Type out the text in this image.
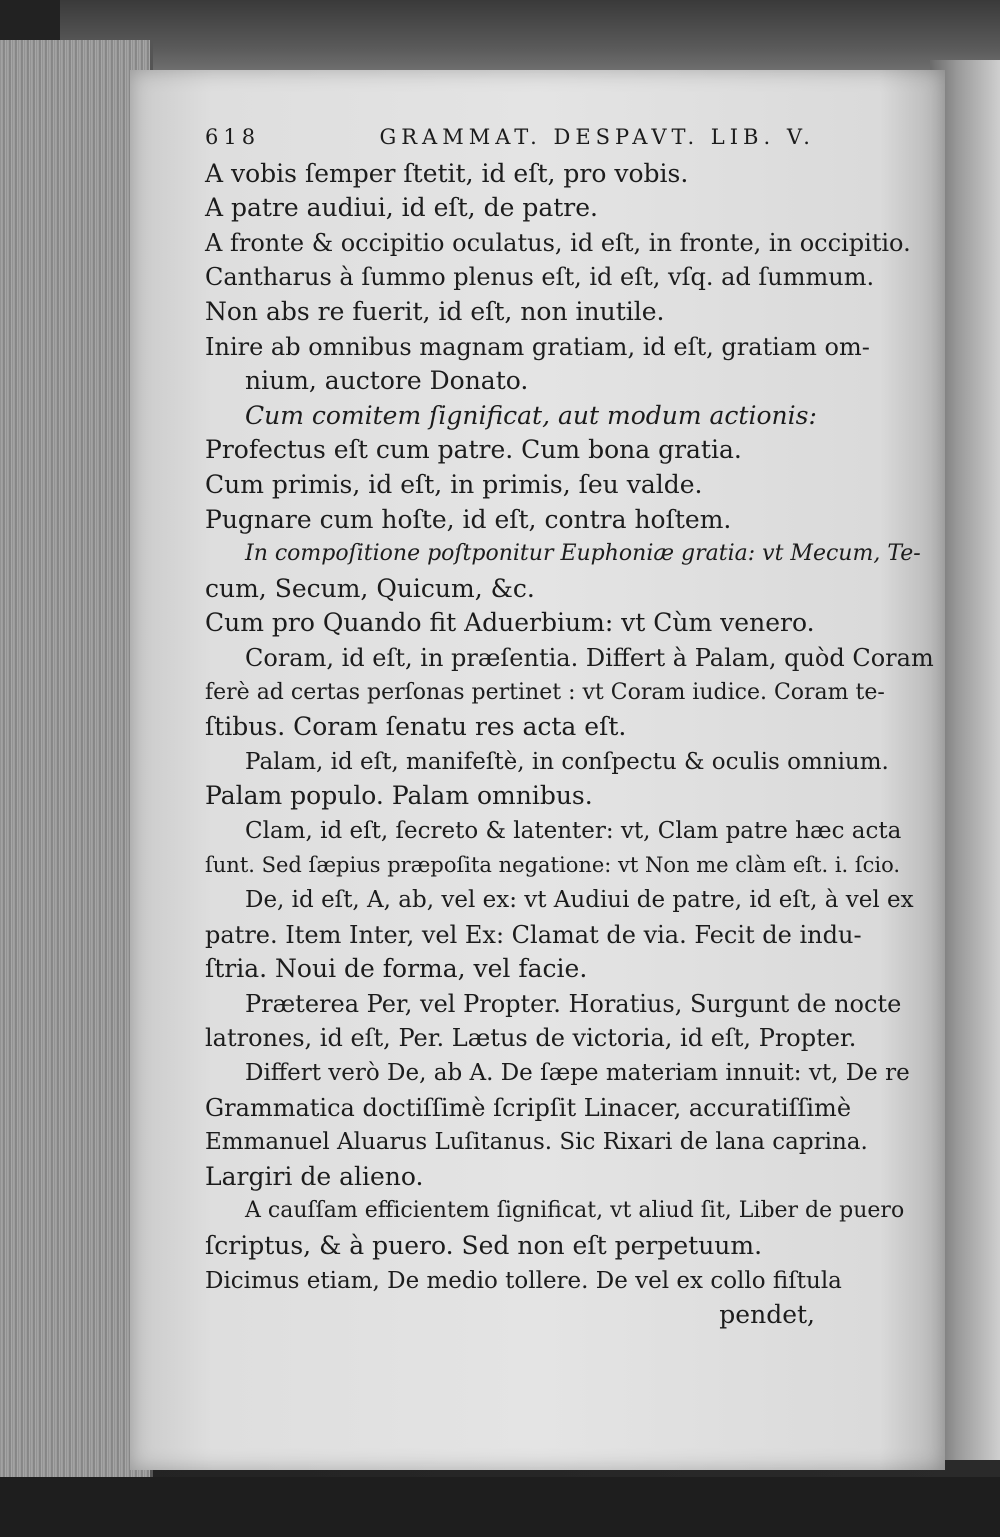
618	GRAMMAT. DESPAVT. LIB. V.

A vobis ſemper ſtetit, id eſt, pro vobis.

A patre audiui, id eſt, de patre.

A fronte & occipitio oculatus, id eſt, in fronte, in occipitio.

Cantharus à ſummo plenus eſt, id eſt, vſq. ad ſummum.

Non abs re fuerit, id eſt, non inutile.

Inire ab omnibus magnam gratiam, id eſt, gratiam om-

nium, auctore Donato.

Cum comitem ſignificat, aut modum actionis:

Profectus eſt cum patre. Cum bona gratia.

Cum primis, id eſt, in primis, ſeu valde.

Pugnare cum hoſte, id eſt, contra hoſtem.

In compoſitione poſtponitur Euphoniæ gratia: vt Mecum, Te-

cum, Secum, Quicum, &c.

Cum pro Quando fit Aduerbium: vt Cùm venero.

Coram, id eſt, in præſentia. Differt à Palam, quòd Coram

ferè ad certas perſonas pertinet : vt Coram iudice. Coram te-

ſtibus. Coram ſenatu res acta eſt.

Palam, id eſt, manifeſtè, in conſpectu & oculis omnium.

Palam populo. Palam omnibus.

Clam, id eſt, ſecreto & latenter: vt, Clam patre hæc acta

ſunt. Sed ſæpius præpoſita negatione: vt Non me clàm eſt. i. ſcio.

De, id eſt, A, ab, vel ex: vt Audiui de patre, id eſt, à vel ex

patre. Item Inter, vel Ex: Clamat de via. Fecit de indu-

ſtria. Noui de forma, vel facie.

Præterea Per, vel Propter. Horatius, Surgunt de nocte

latrones, id eſt, Per. Lætus de victoria, id eſt, Propter.

Differt verò De, ab A. De ſæpe materiam innuit: vt, De re

Grammatica doctiſſimè ſcripſit Linacer, accuratiſſimè

Emmanuel Aluarus Luſitanus. Sic Rixari de lana caprina.

Largiri de alieno.

A cauſſam efficientem ſignificat, vt aliud ſit, Liber de puero

ſcriptus, & à puero. Sed non eſt perpetuum.

Dicimus etiam, De medio tollere. De vel ex collo fiſtula

pendet,
